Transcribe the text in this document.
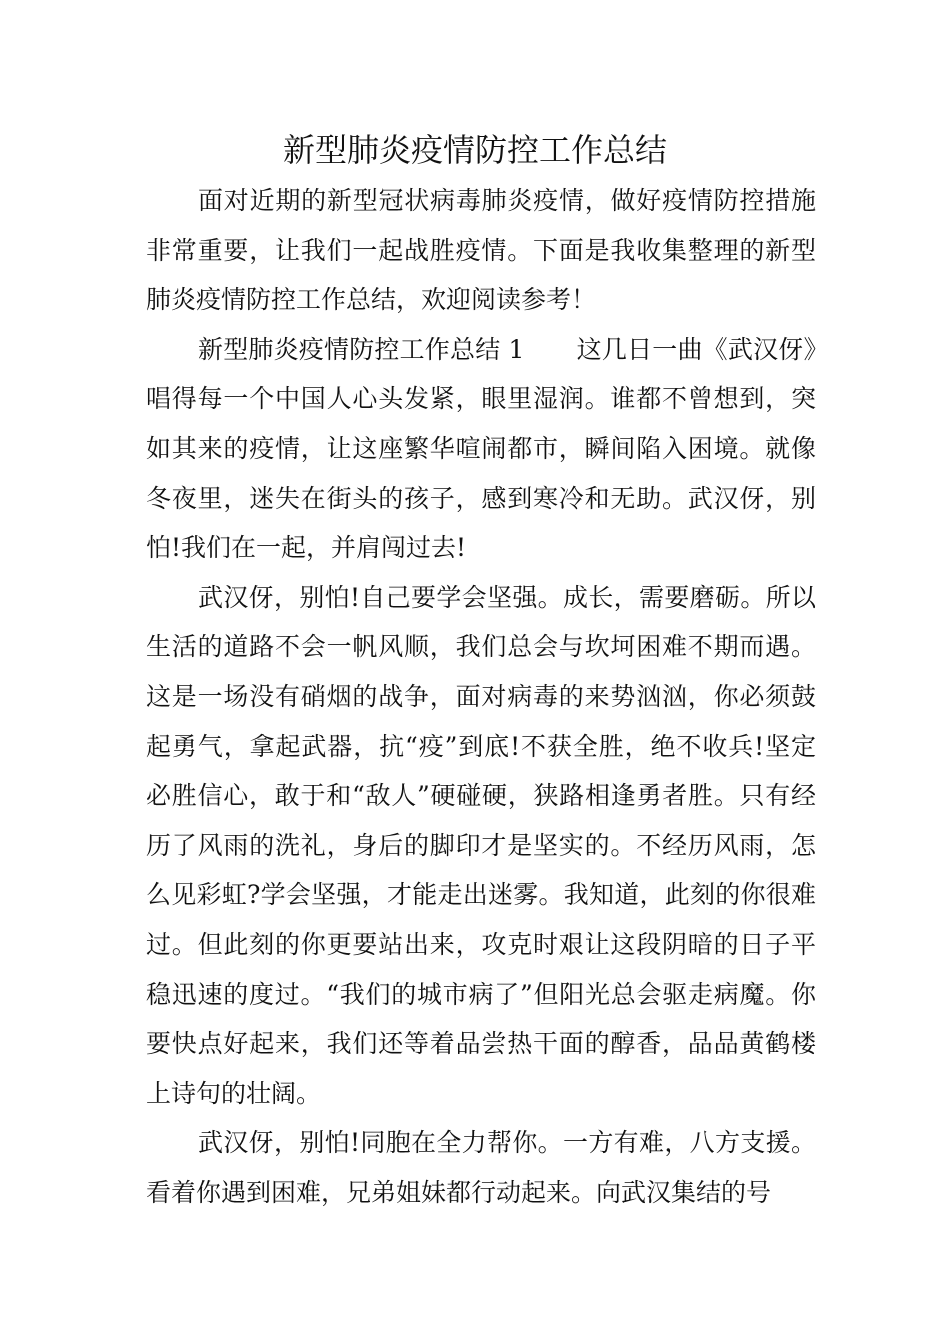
新型肺炎疫情防控工作总结

面对近期的新型冠状病毒肺炎疫情，做好疫情防控措施非常重要，让我们一起战胜疫情。下面是我收集整理的新型肺炎疫情防控工作总结，欢迎阅读参考！

新型肺炎疫情防控工作总结 1 这几日一曲《武汉伢》唱得每一个中国人心头发紧，眼里湿润。谁都不曾想到，突如其来的疫情，让这座繁华喧闹都市，瞬间陷入困境。就像冬夜里，迷失在街头的孩子，感到寒冷和无助。武汉伢，别怕!我们在一起，并肩闯过去!

武汉伢，别怕!自己要学会坚强。成长，需要磨砺。所以生活的道路不会一帆风顺，我们总会与坎坷困难不期而遇。这是一场没有硝烟的战争，面对病毒的来势汹汹，你必须鼓起勇气，拿起武器，抗“疫”到底!不获全胜，绝不收兵!坚定必胜信心，敢于和“敌人”硬碰硬，狭路相逢勇者胜。只有经历了风雨的洗礼，身后的脚印才是坚实的。不经历风雨，怎么见彩虹?学会坚强，才能走出迷雾。我知道，此刻的你很难过。但此刻的你更要站出来，攻克时艰让这段阴暗的日子平稳迅速的度过。“我们的城市病了”但阳光总会驱走病魔。你要快点好起来，我们还等着品尝热干面的醇香，品品黄鹤楼上诗句的壮阔。

武汉伢，别怕!同胞在全力帮你。一方有难，八方支援。看着你遇到困难，兄弟姐妹都行动起来。向武汉集结的号
